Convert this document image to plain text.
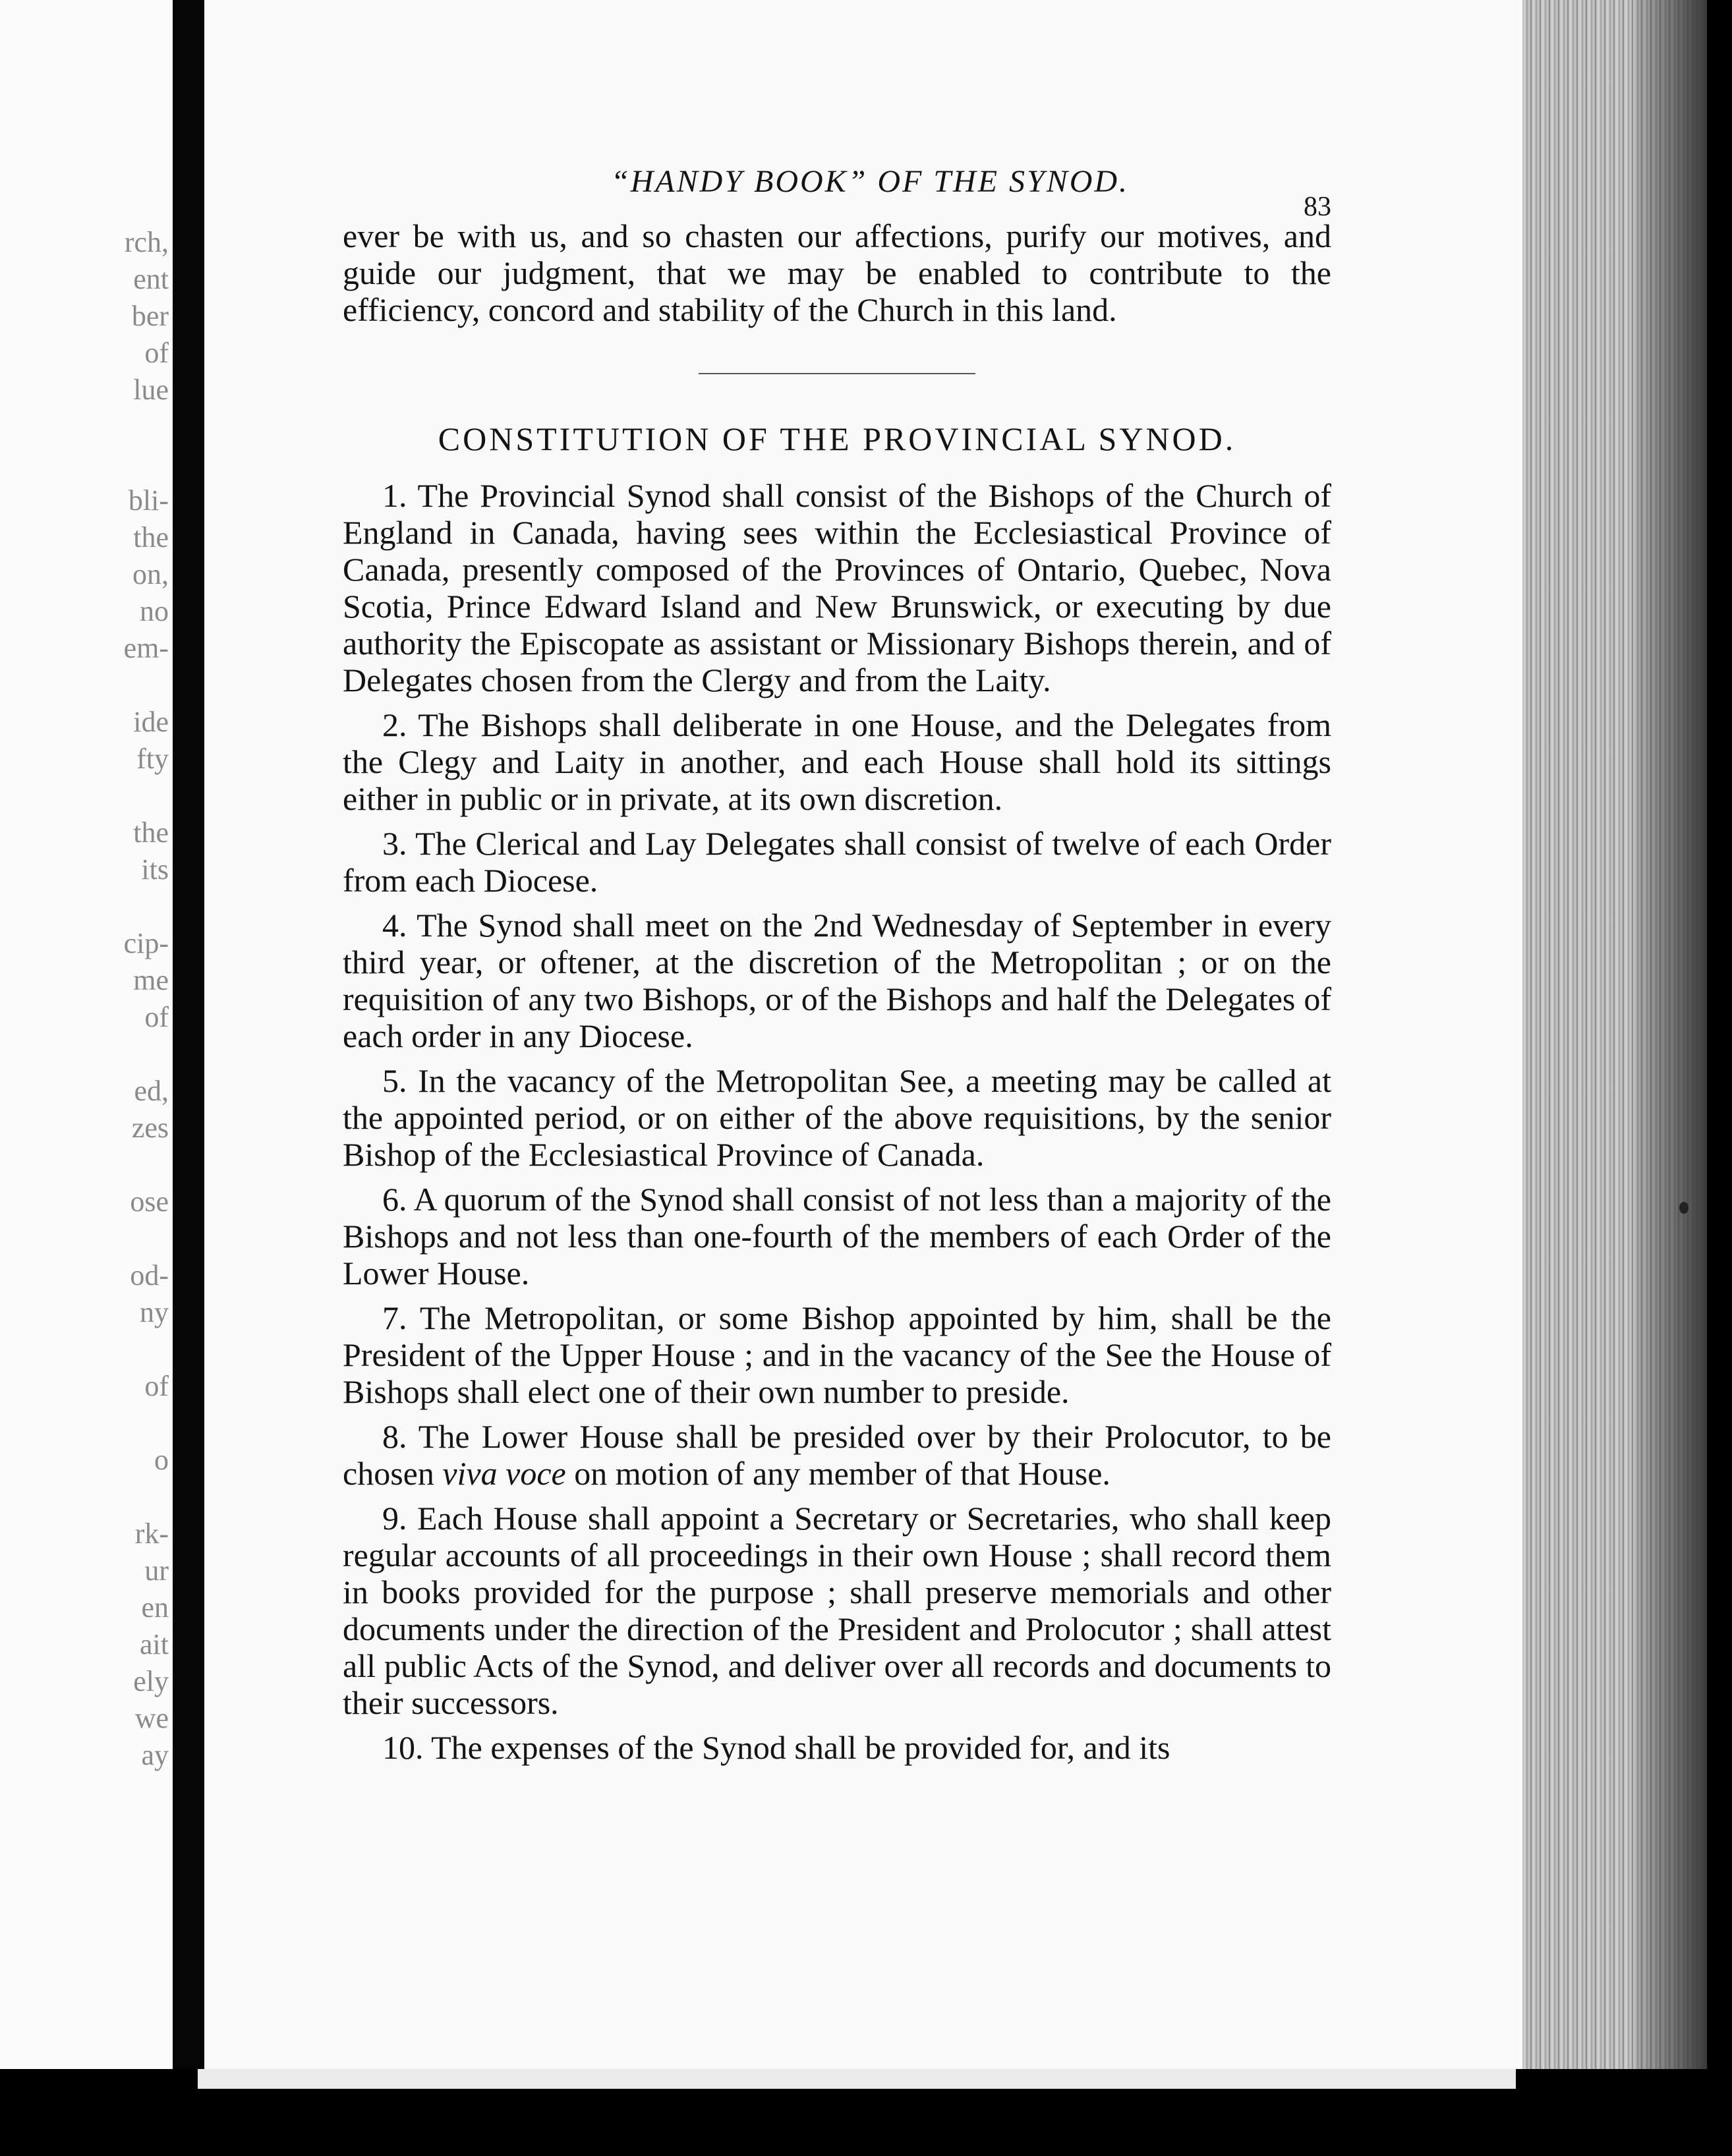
rch,
ent
ber
of
lue
bli-
the
on,
no
em-
ide
fty
the
its
cip-
me
of
ed,
zes
ose
od-
ny
of
o
rk-
ur
en
ait
ely
we
ay
“HANDY BOOK” OF THE SYNOD.
83

ever be with us, and so chasten our affections, purify our motives, and guide our judgment, that we may be enabled to contribute to the efficiency, concord and stability of the Church in this land.

CONSTITUTION OF THE PROVINCIAL SYNOD.

1. The Provincial Synod shall consist of the Bishops of the Church of England in Canada, having sees within the Ecclesiastical Province of Canada, presently composed of the Provinces of Ontario, Quebec, Nova Scotia, Prince Edward Island and New Brunswick, or executing by due authority the Episcopate as assistant or Missionary Bishops therein, and of Delegates chosen from the Clergy and from the Laity.

2. The Bishops shall deliberate in one House, and the Delegates from the Clegy and Laity in another, and each House shall hold its sittings either in public or in private, at its own discretion.

3. The Clerical and Lay Delegates shall consist of twelve of each Order from each Diocese.

4. The Synod shall meet on the 2nd Wednesday of September in every third year, or oftener, at the discretion of the Metropolitan ; or on the requisition of any two Bishops, or of the Bishops and half the Delegates of each order in any Diocese.

5. In the vacancy of the Metropolitan See, a meeting may be called at the appointed period, or on either of the above requisitions, by the senior Bishop of the Ecclesiastical Province of Canada.

6. A quorum of the Synod shall consist of not less than a majority of the Bishops and not less than one-fourth of the members of each Order of the Lower House.

7. The Metropolitan, or some Bishop appointed by him, shall be the President of the Upper House ; and in the vacancy of the See the House of Bishops shall elect one of their own number to preside.

8. The Lower House shall be presided over by their Prolocutor, to be chosen viva voce on motion of any member of that House.

9. Each House shall appoint a Secretary or Secretaries, who shall keep regular accounts of all proceedings in their own House ; shall record them in books provided for the purpose ; shall preserve memorials and other documents under the direction of the President and Prolocutor ; shall attest all public Acts of the Synod, and deliver over all records and documents to their successors.

10. The expenses of the Synod shall be provided for, and its
